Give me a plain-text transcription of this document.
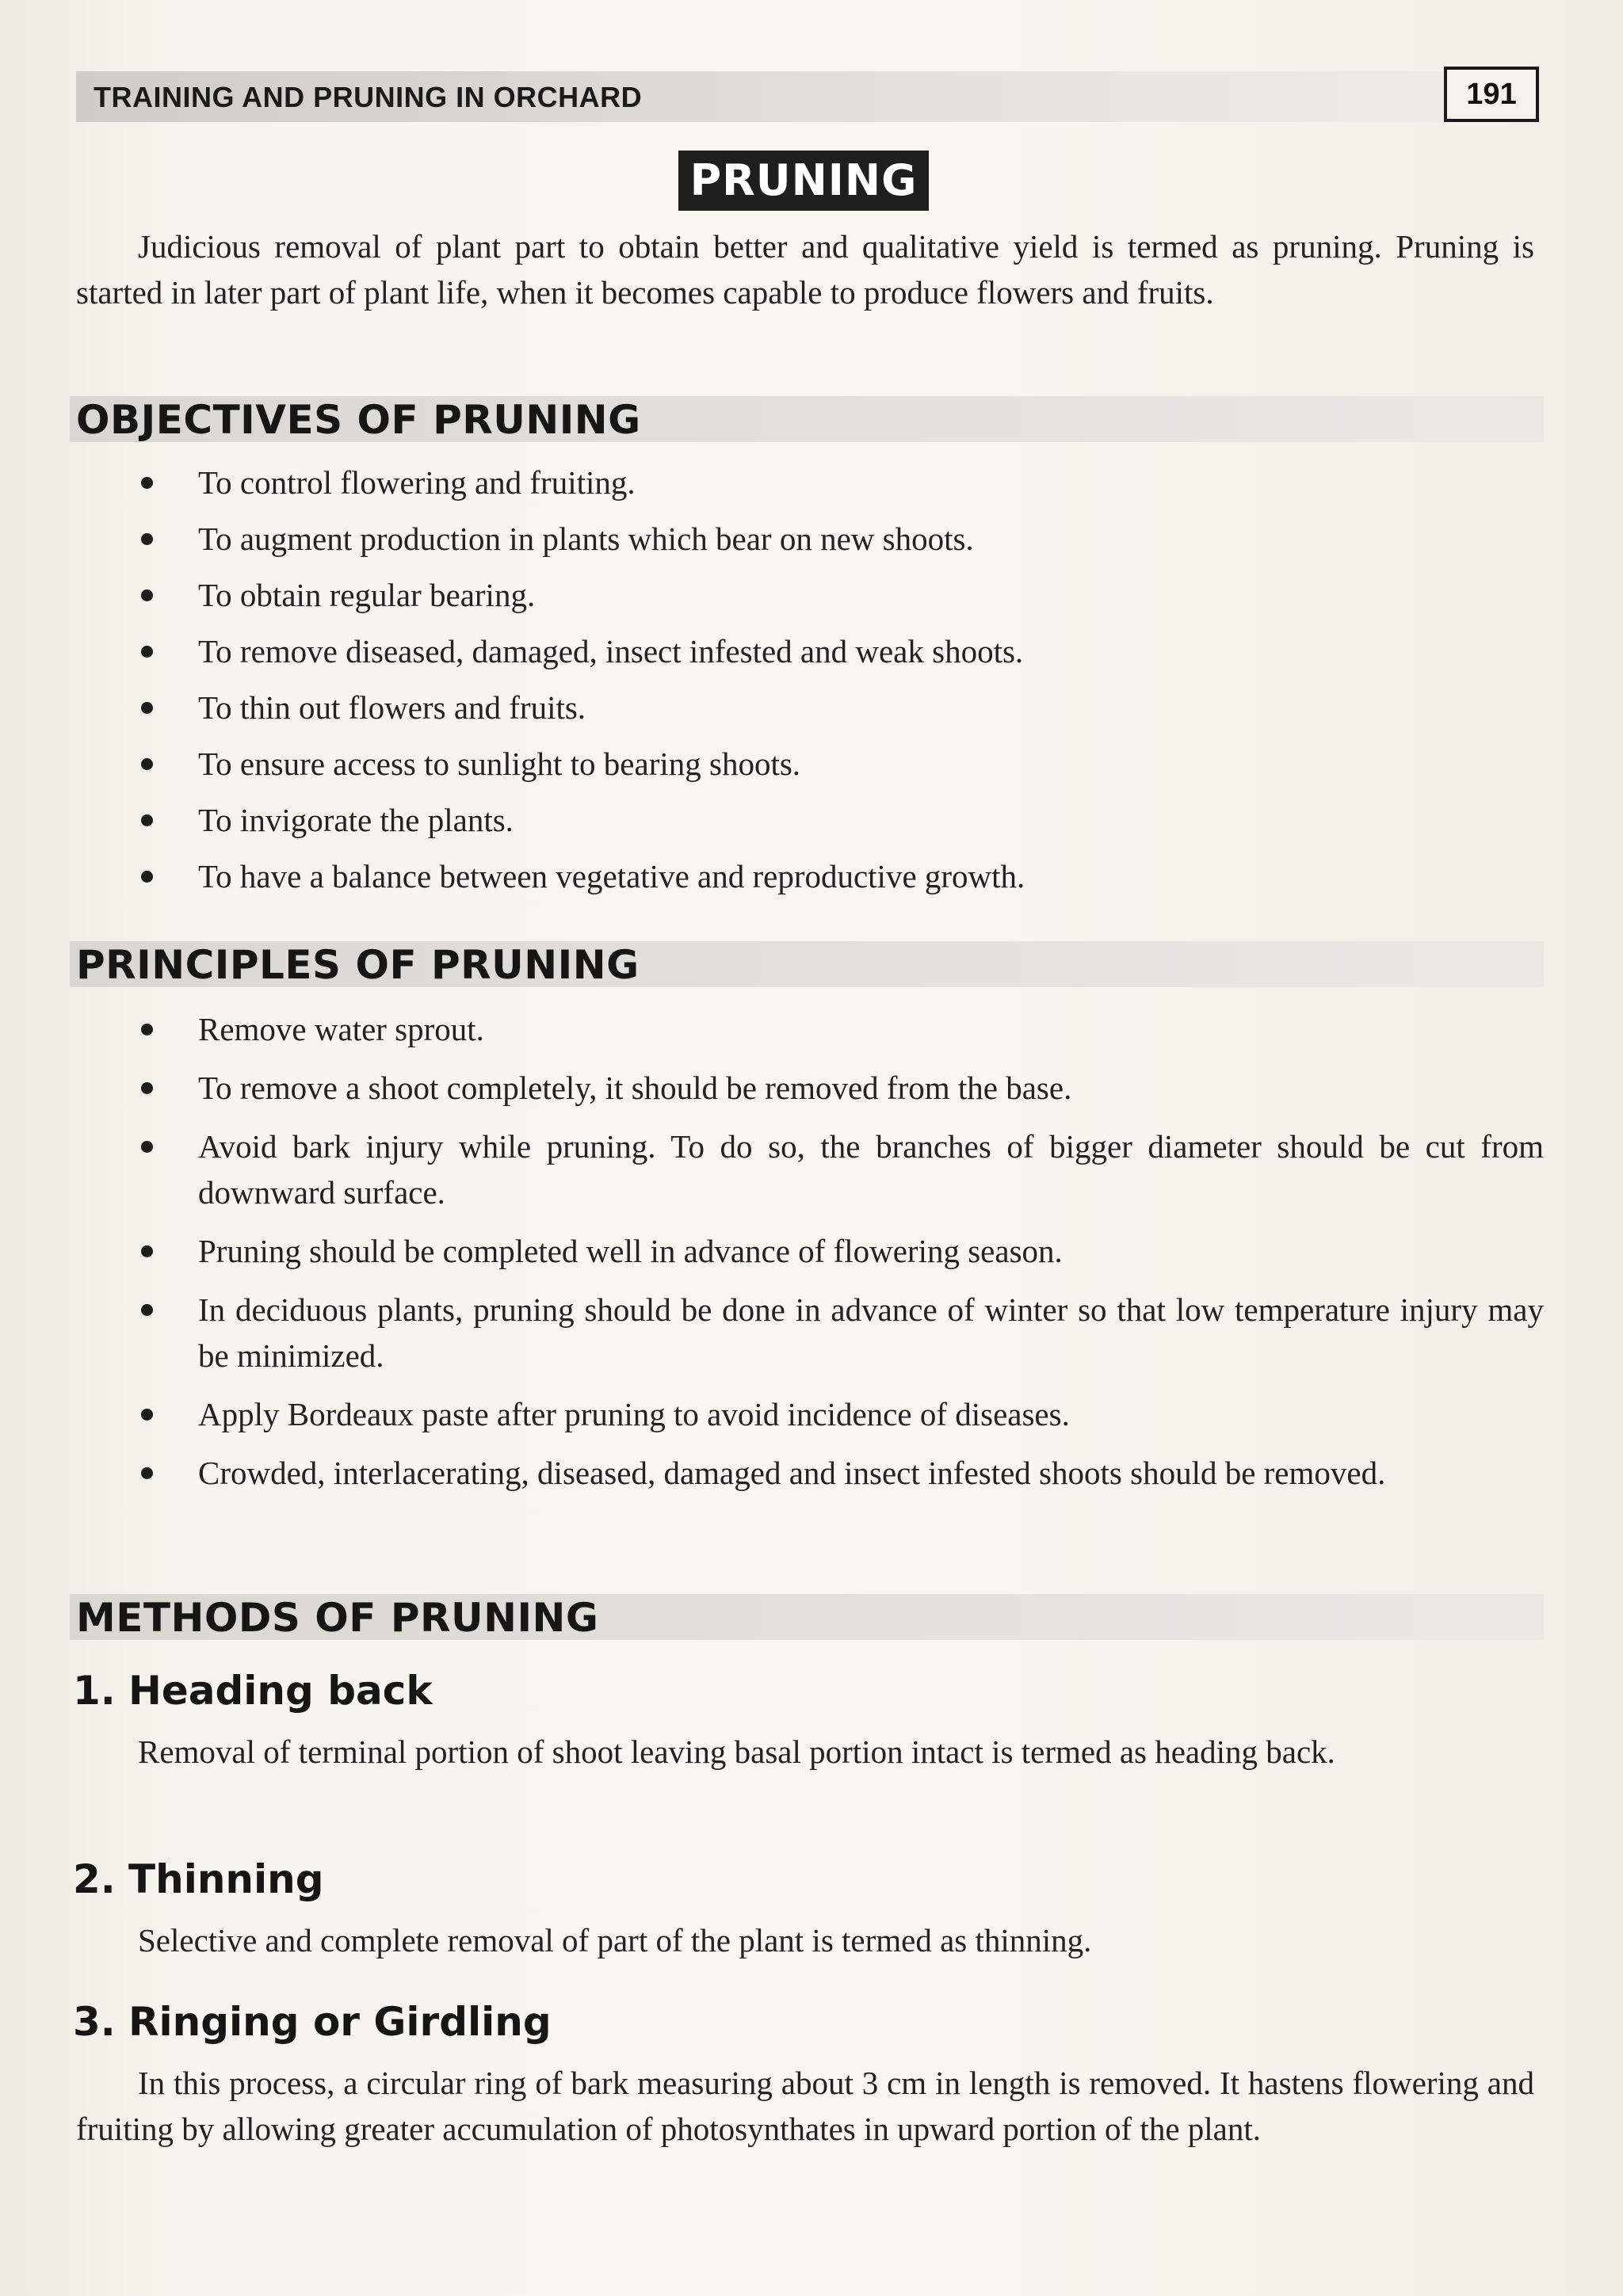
TRAINING AND PRUNING IN ORCHARD	191
PRUNING

Judicious removal of plant part to obtain better and qualitative yield is termed as pruning. Pruning is started in later part of plant life, when it becomes capable to produce flowers and fruits.

OBJECTIVES OF PRUNING
To control flowering and fruiting.
To augment production in plants which bear on new shoots.
To obtain regular bearing.
To remove diseased, damaged, insect infested and weak shoots.
To thin out flowers and fruits.
To ensure access to sunlight to bearing shoots.
To invigorate the plants.
To have a balance between vegetative and reproductive growth.
PRINCIPLES OF PRUNING
Remove water sprout.
To remove a shoot completely, it should be removed from the base.
Avoid bark injury while pruning. To do so, the branches of bigger diameter should be cut from downward surface.
Pruning should be completed well in advance of flowering season.
In deciduous plants, pruning should be done in advance of winter so that low temperature injury may be minimized.
Apply Bordeaux paste after pruning to avoid incidence of diseases.
Crowded, interlacerating, diseased, damaged and insect infested shoots should be removed.
METHODS OF PRUNING
1. Heading back

Removal of terminal portion of shoot leaving basal portion intact is termed as heading back.

2. Thinning

Selective and complete removal of part of the plant is termed as thinning.

3. Ringing or Girdling

In this process, a circular ring of bark measuring about 3 cm in length is removed. It hastens flowering and fruiting by allowing greater accumulation of photosynthates in upward portion of the plant.
